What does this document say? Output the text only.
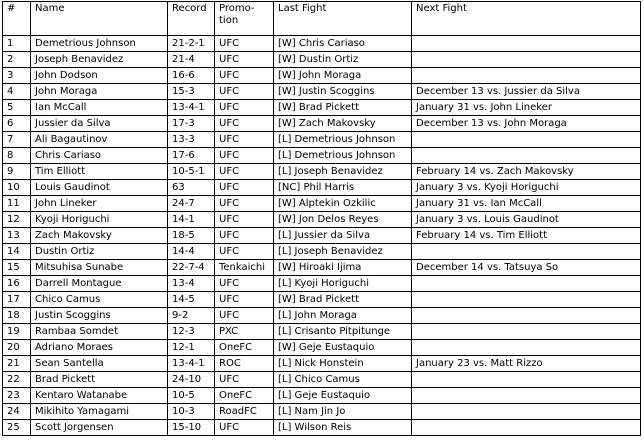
#	Name	Record	Promo-tion	Last Fight	Next Fight
1	Demetrious Johnson	21-2-1	UFC	[W] Chris Cariaso	
2	Joseph Benavidez	21-4	UFC	[W] Dustin Ortiz	
3	John Dodson	16-6	UFC	[W] John Moraga	
4	John Moraga	15-3	UFC	[W] Justin Scoggins	December 13 vs. Jussier da Silva
5	Ian McCall	13-4-1	UFC	[W] Brad Pickett	January 31 vs. John Lineker
6	Jussier da Silva	17-3	UFC	[W] Zach Makovsky	December 13 vs. John Moraga
7	Ali Bagautinov	13-3	UFC	[L] Demetrious Johnson	
8	Chris Cariaso	17-6	UFC	[L] Demetrious Johnson	
9	Tim Elliott	10-5-1	UFC	[L] Joseph Benavidez	February 14 vs. Zach Makovsky
10	Louis Gaudinot	63	UFC	[NC] Phil Harris	January 3 vs. Kyoji Horiguchi
11	John Lineker	24-7	UFC	[W] Alptekin Ozkilic	January 31 vs. Ian McCall
12	Kyoji Horiguchi	14-1	UFC	[W] Jon Delos Reyes	January 3 vs. Louis Gaudinot
13	Zach Makovsky	18-5	UFC	[L] Jussier da Silva	February 14 vs. Tim Elliott
14	Dustin Ortiz	14-4	UFC	[L] Joseph Benavidez	
15	Mitsuhisa Sunabe	22-7-4	Tenkaichi	[W] Hiroaki Ijima	December 14 vs. Tatsuya So
16	Darrell Montague	13-4	UFC	[L] Kyoji Horiguchi	
17	Chico Camus	14-5	UFC	[W] Brad Pickett	
18	Justin Scoggins	9-2	UFC	[L] John Moraga	
19	Rambaa Somdet	12-3	PXC	[L] Crisanto Pitpitunge	
20	Adriano Moraes	12-1	OneFC	[W] Geje Eustaquio	
21	Sean Santella	13-4-1	ROC	[L] Nick Honstein	January 23 vs. Matt Rizzo
22	Brad Pickett	24-10	UFC	[L] Chico Camus	
23	Kentaro Watanabe	10-5	OneFC	[L] Geje Eustaquio	
24	Mikihito Yamagami	10-3	RoadFC	[L] Nam Jin Jo	
25	Scott Jorgensen	15-10	UFC	[L] Wilson Reis	
